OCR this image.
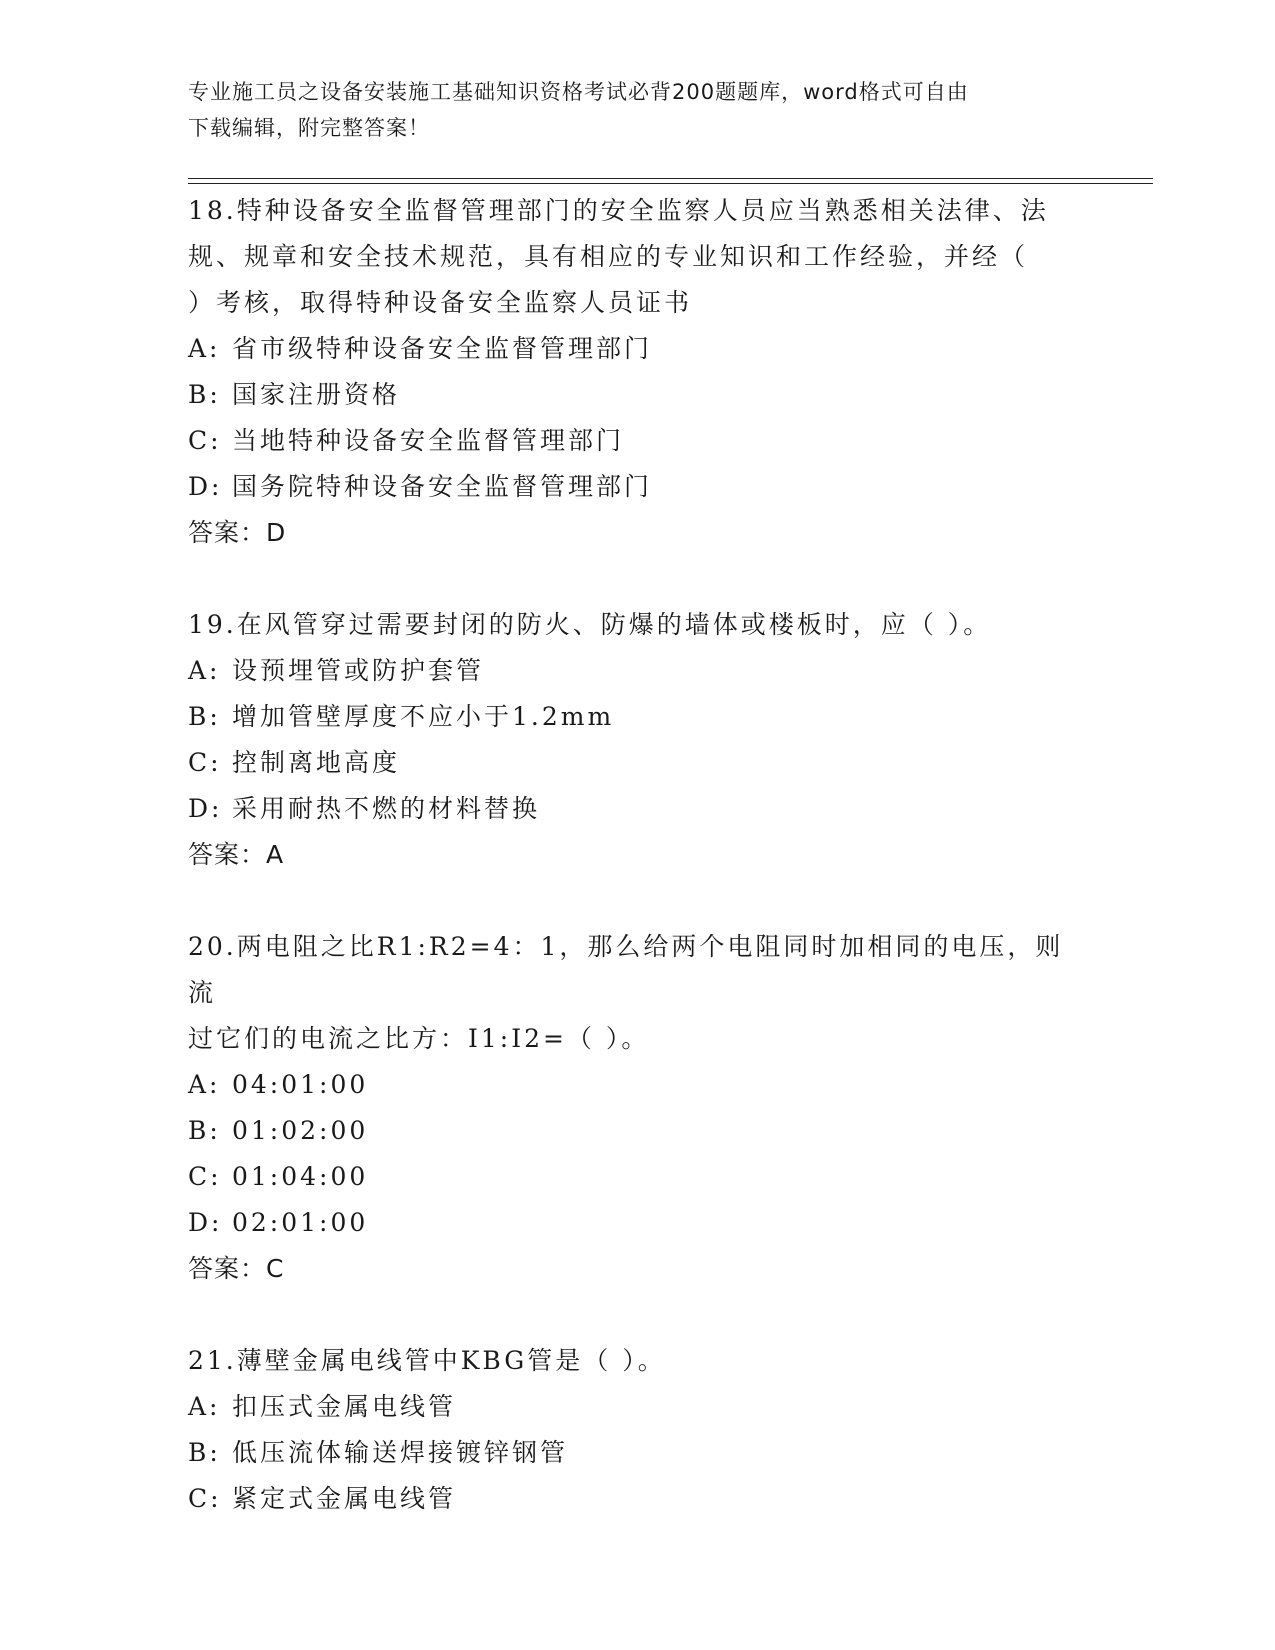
专业施工员之设备安装施工基础知识资格考试必背200题题库，word格式可自由
下载编辑，附完整答案！
18.特种设备安全监督管理部门的安全监察人员应当熟悉相关法律、法
规、规章和安全技术规范，具有相应的专业知识和工作经验，并经（
）考核，取得特种设备安全监察人员证书
A: 省市级特种设备安全监督管理部门
B: 国家注册资格
C: 当地特种设备安全监督管理部门
D: 国务院特种设备安全监督管理部门
答案：D
19.在风管穿过需要封闭的防火、防爆的墙体或楼板时，应（ ）。
A: 设预埋管或防护套管
B: 增加管壁厚度不应小于1.2mm
C: 控制离地高度
D: 采用耐热不燃的材料替换
答案：A
20.两电阻之比R1:R2=4：1，那么给两个电阻同时加相同的电压，则流
过它们的电流之比方：I1:I2=（ ）。
A: 04:01:00
B: 01:02:00
C: 01:04:00
D: 02:01:00
答案：C
21.薄壁金属电线管中KBG管是（ ）。
A: 扣压式金属电线管
B: 低压流体输送焊接镀锌钢管
C: 紧定式金属电线管
